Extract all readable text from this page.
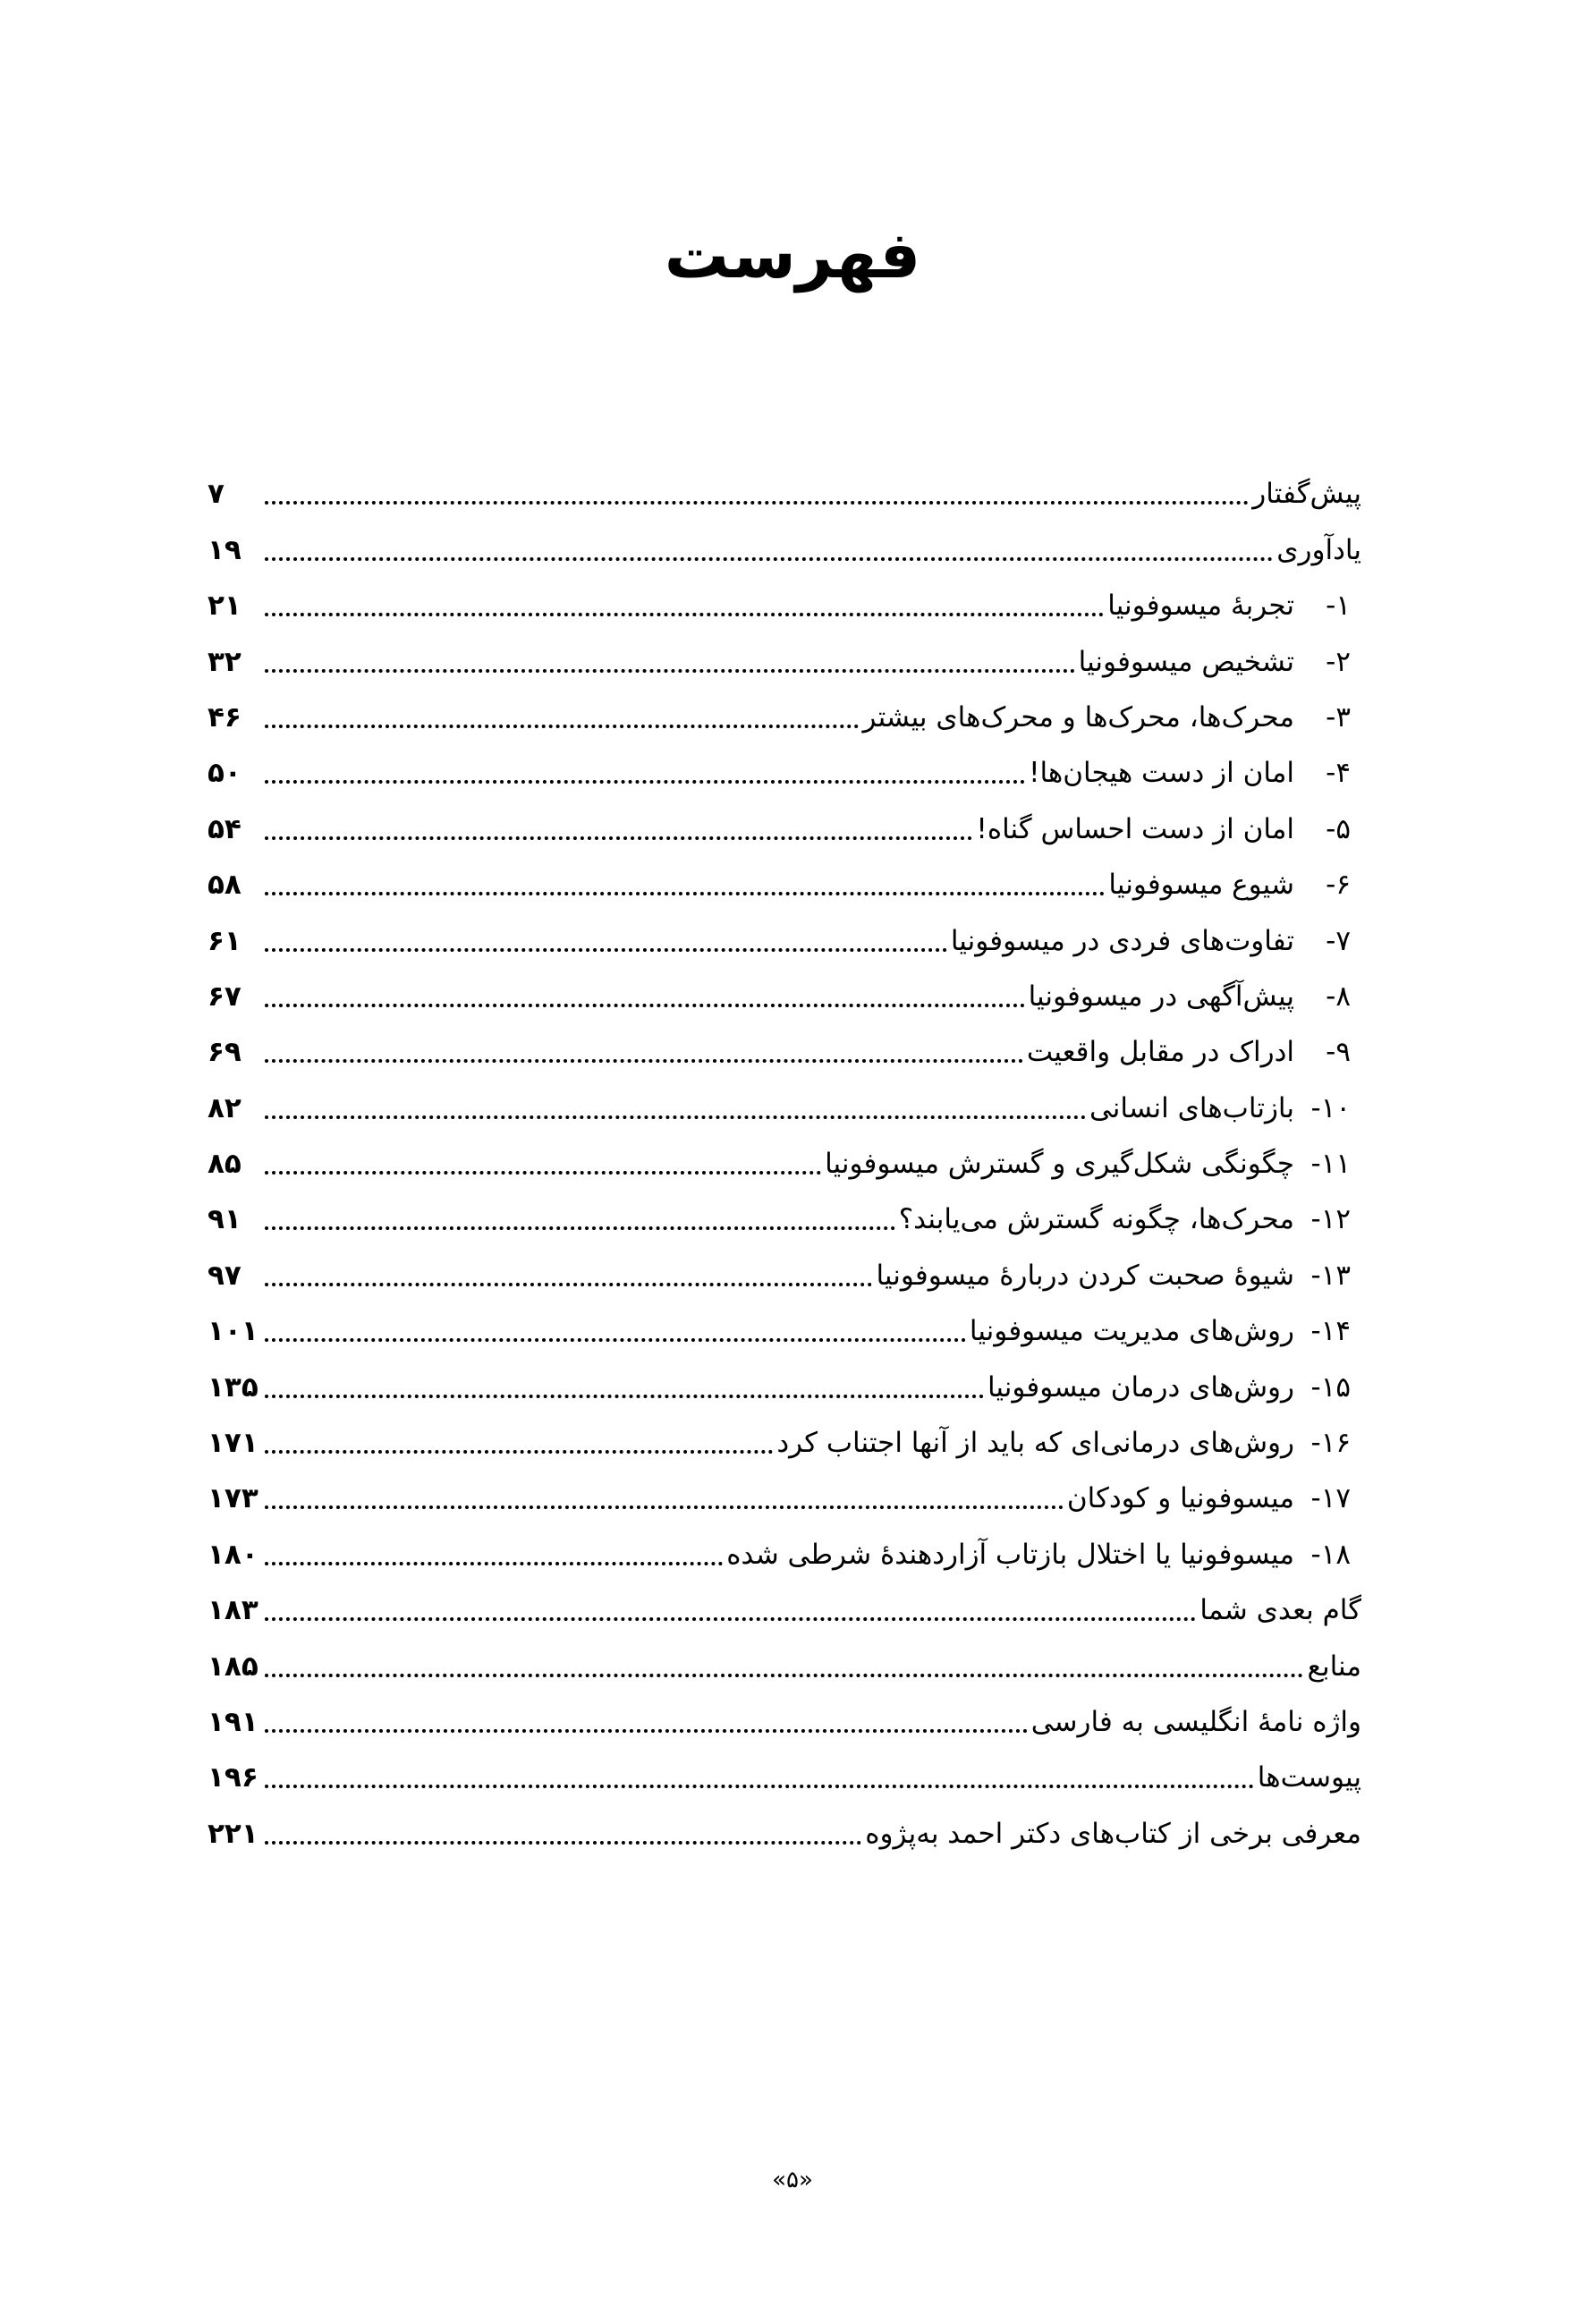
فهرست
پیش‌گفتار
۷
یادآوری
۱۹
۱-
تجربهٔ میسوفونیا
۲۱
۲-
تشخیص میسوفونیا
۳۲
۳-
محرک‌ها، محرک‌ها و محرک‌های بیشتر
۴۶
۴-
امان از دست هیجان‌ها!
۵۰
۵-
امان از دست احساس گناه!
۵۴
۶-
شیوع میسوفونیا
۵۸
۷-
تفاوت‌های فردی در میسوفونیا
۶۱
۸-
پیش‌آگهی در میسوفونیا
۶۷
۹-
ادراک در مقابل واقعیت
۶۹
۱۰-
بازتاب‌های انسانی
۸۲
۱۱-
چگونگی شکل‌گیری و گسترش میسوفونیا
۸۵
۱۲-
محرک‌ها، چگونه گسترش می‌یابند؟
۹۱
۱۳-
شیوهٔ صحبت کردن دربارهٔ میسوفونیا
۹۷
۱۴-
روش‌های مدیریت میسوفونیا
۱۰۱
۱۵-
روش‌های درمان میسوفونیا
۱۳۵
۱۶-
روش‌های درمانی‌ای که باید از آنها اجتناب کرد
۱۷۱
۱۷-
میسوفونیا و کودکان
۱۷۳
۱۸-
میسوفونیا یا اختلال بازتاب آزاردهندهٔ شرطی شده
۱۸۰
گام بعدی شما
۱۸۳
منابع
۱۸۵
واژه نامهٔ انگلیسی به فارسی
۱۹۱
پیوست‌ها
۱۹۶
معرفی برخی از کتاب‌های دکتر احمد به‌پژوه
۲۲۱
«۵»
